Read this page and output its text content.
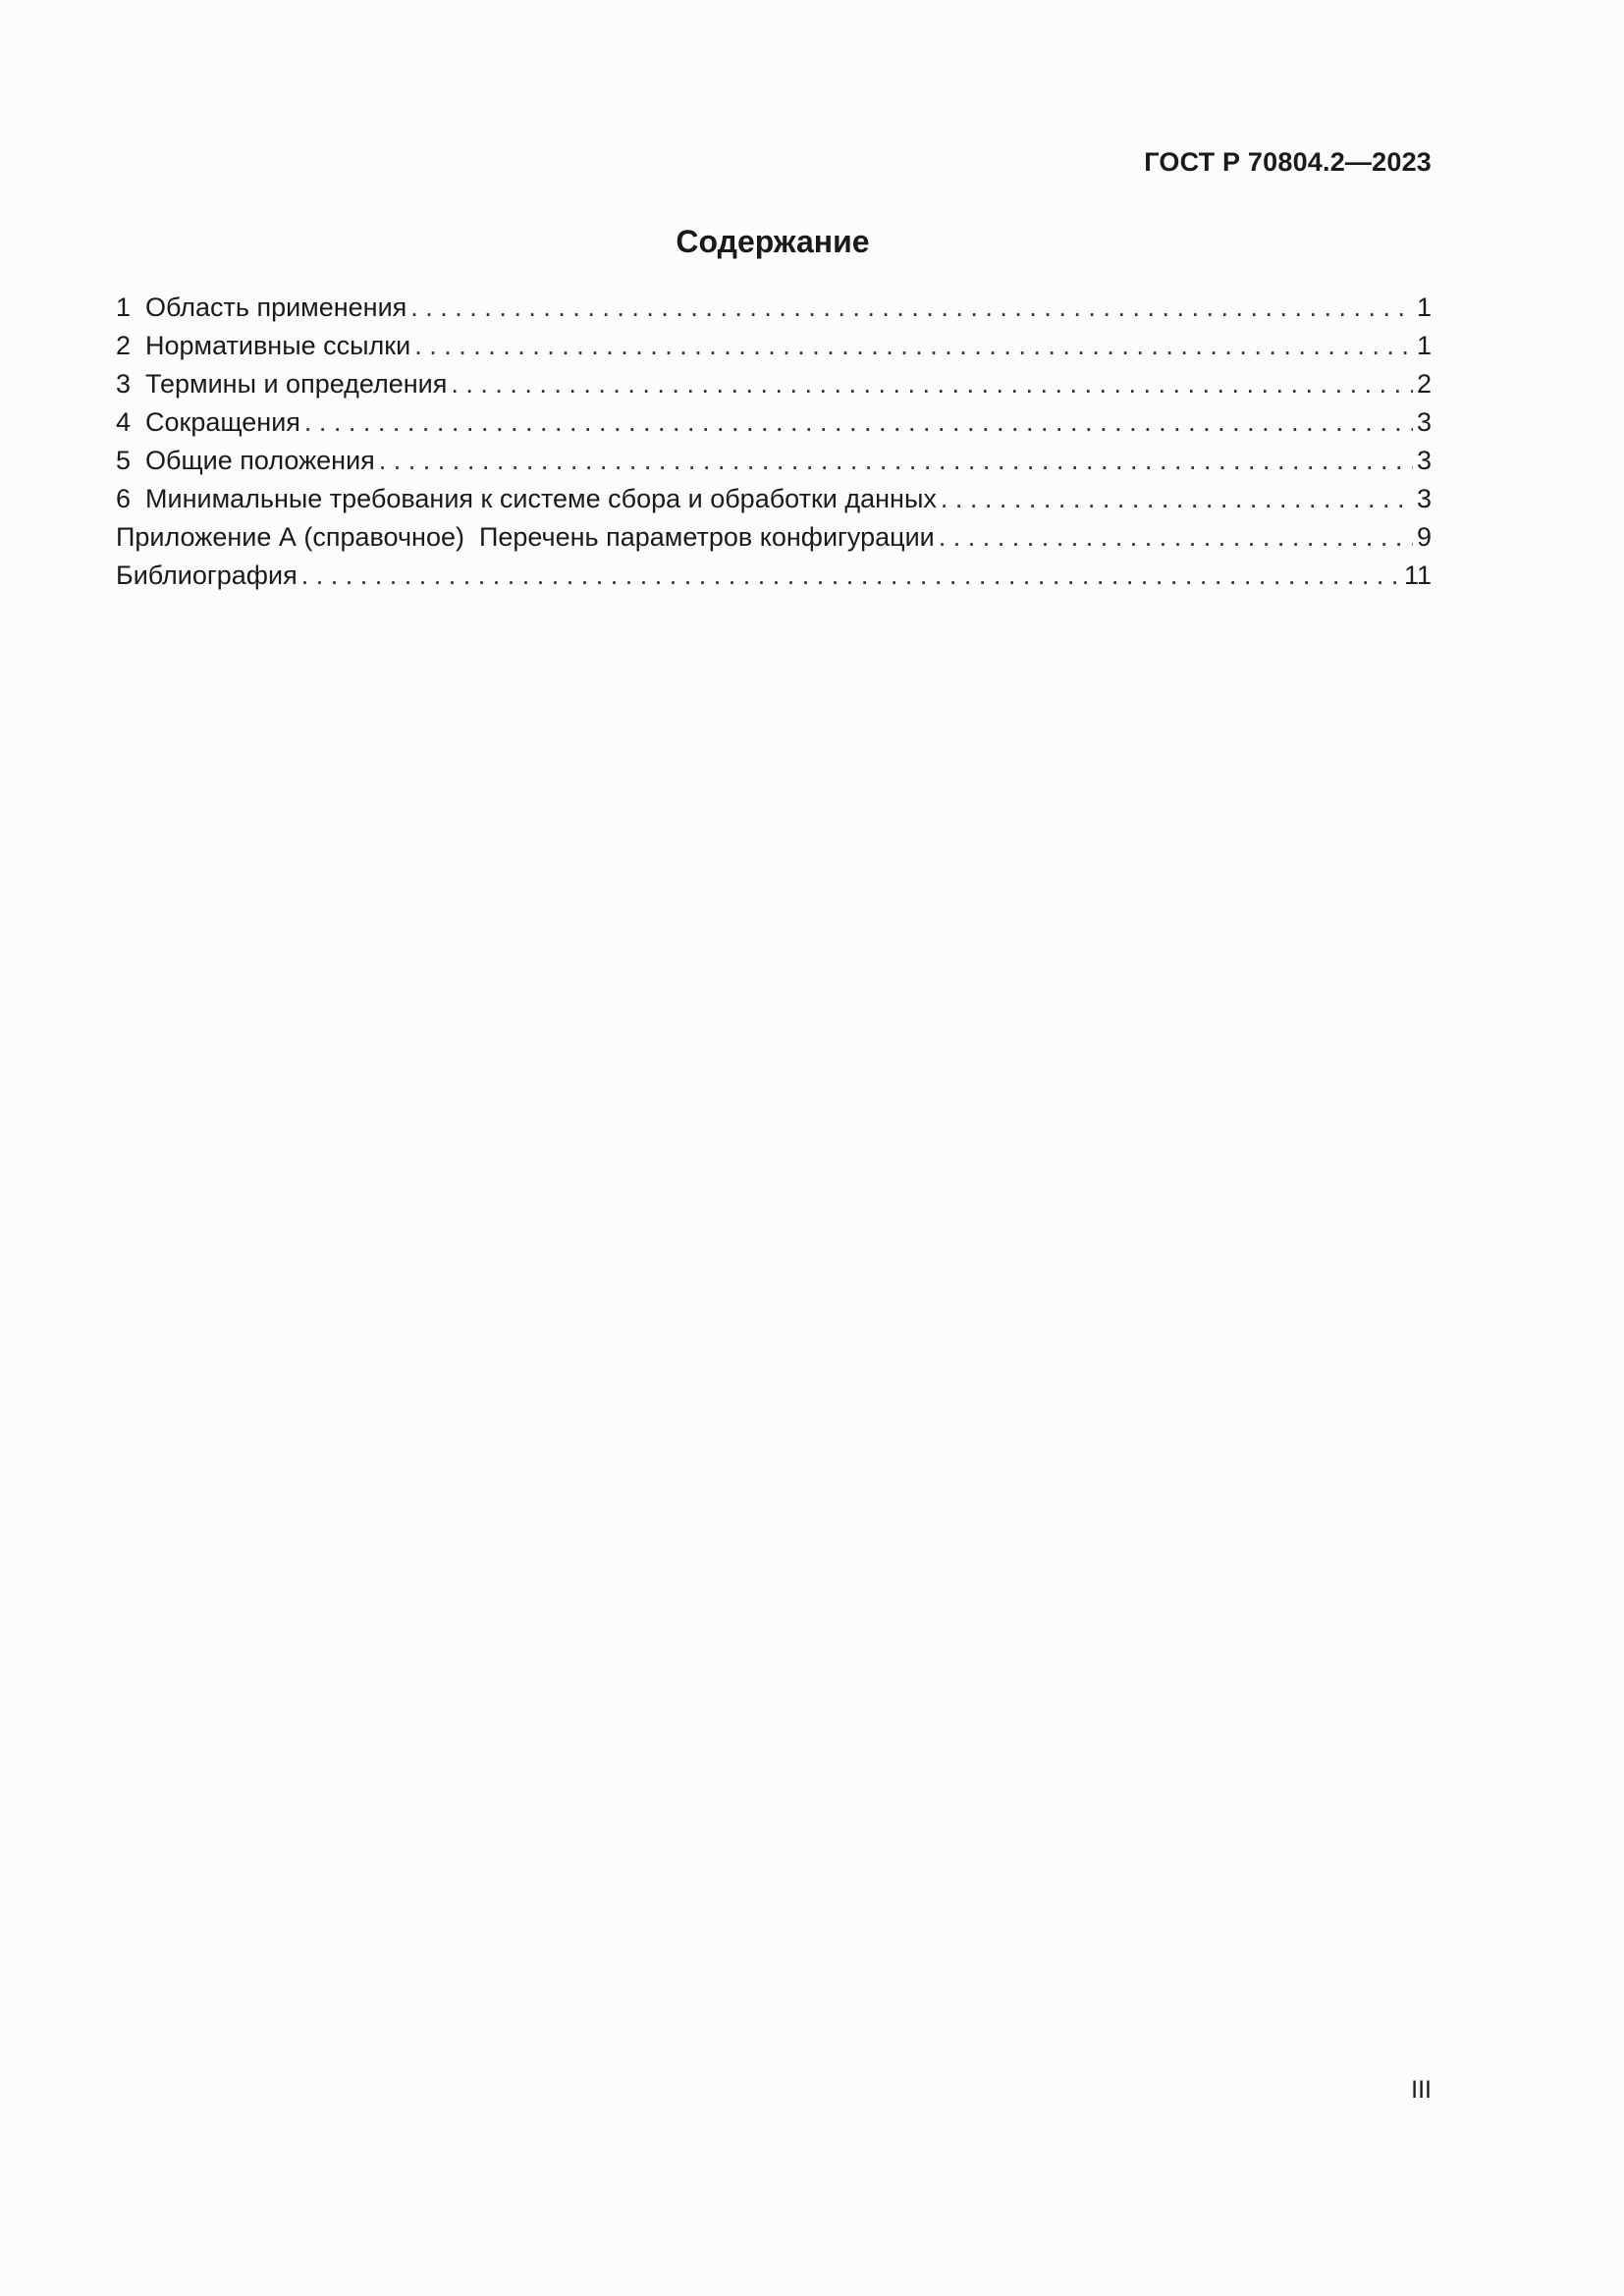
ГОСТ Р 70804.2—2023
Содержание
1 Область применения . . .	1
2 Нормативные ссылки . . .	1
3 Термины и определения . . .	2
4 Сокращения . . .	3
5 Общие положения . . .	3
6 Минимальные требования к системе сбора и обработки данных . . .	3
Приложение А (справочное)  Перечень параметров конфигурации . . .	9
Библиография . . .	11
III
